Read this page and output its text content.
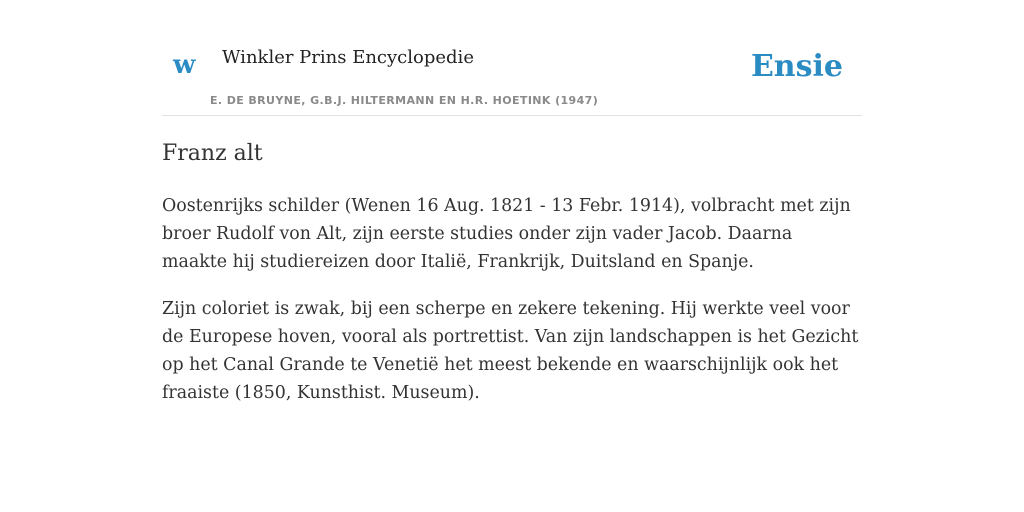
w Winkler Prins Encyclopedie
E. DE BRUYNE, G.B.J. HILTERMANN EN H.R. HOETINK (1947)
Ensie
Franz alt

Oostenrijks schilder (Wenen 16 Aug. 1821 - 13 Febr. 1914), volbracht met zijn broer Rudolf von Alt, zijn eerste studies onder zijn vader Jacob. Daarna maakte hij studiereizen door Italië, Frankrijk, Duitsland en Spanje.

Zijn coloriet is zwak, bij een scherpe en zekere tekening. Hij werkte veel voor de Europese hoven, vooral als portrettist. Van zijn landschappen is het Gezicht op het Canal Grande te Venetië het meest bekende en waarschijnlijk ook het fraaiste (1850, Kunsthist. Museum).
